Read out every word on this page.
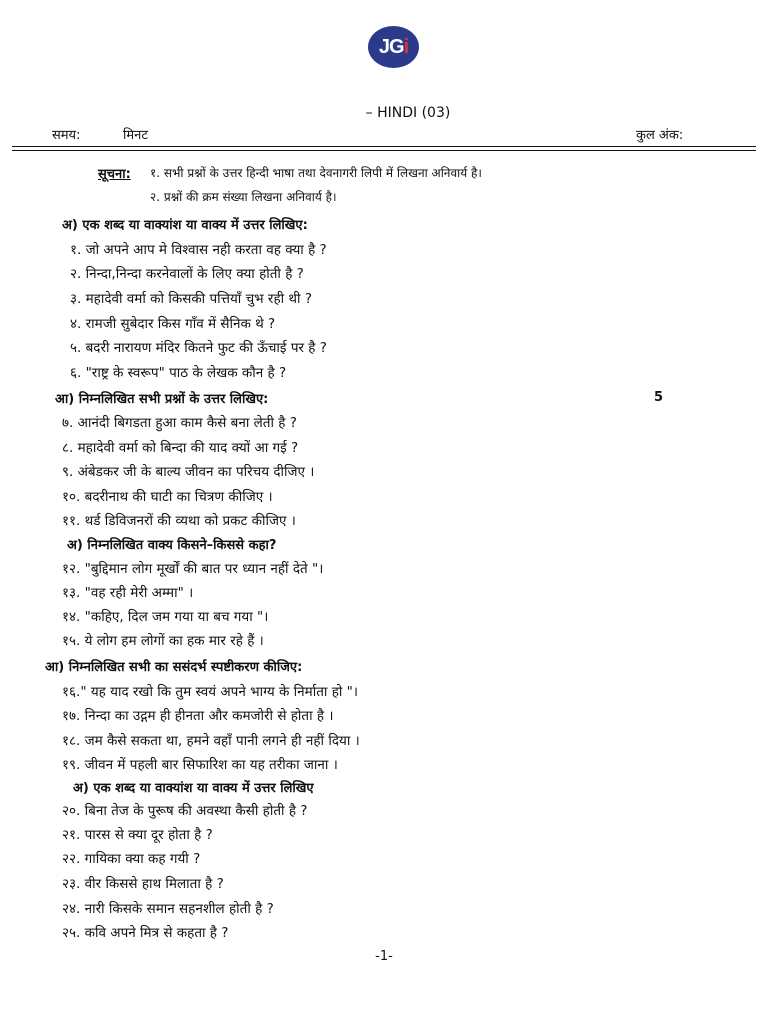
JG i
– HINDI (03)
समय:	मिनट	कुल अंक:
सूचना: १. सभी प्रश्नों के उत्तर हिन्दी भाषा तथा देवनागरी लिपी में लिखना अनिवार्य है।
२. प्रश्नों की क्रम संख्या लिखना अनिवार्य है।
अ) एक शब्द या वाक्यांश या वाक्य में उत्तर लिखिए:
१. जो अपने आप मे विश्वास नही करता वह क्या है ?
२. निन्दा,निन्दा करनेवालों के लिए क्या होती है ?
३. महादेवी वर्मा को किसकी पत्तियाँ चुभ रही थी ?
४. रामजी सुबेदार किस गाँव में सैनिक थे ?
५. बदरी नारायण मंदिर कितने फुट की ऊँचाई पर है ?
६. "राष्ट्र के स्वरूप" पाठ के लेखक कौन है ?
आ) निम्नलिखित सभी प्रश्नों के उत्तर लिखिए:	5
७. आनंदी बिगडता हुआ काम कैसे बना लेती है ?
८. महादेवी वर्मा को बिन्दा की याद क्यों आ गई ?
९. अंबेडकर जी के बाल्य जीवन का परिचय दीजिए ।
१०. बदरीनाथ की घाटी का चित्रण कीजिए ।
११. थर्ड डिविजनरों की व्यथा को प्रकट कीजिए ।
अ) निम्नलिखित वाक्य किसने–किससे कहा?
१२. "बुद्दिमान लोग मूर्खों की बात पर ध्यान नहीं देते "।
१३. "वह रही मेरी अम्मा" ।
१४. "कहिए, दिल जम गया या बच गया "।
१५. ये लोग हम लोगों का हक मार रहे हैं ।
आ) निम्नलिखित सभी का ससंदर्भ स्पष्टीकरण कीजिए:
१६." यह याद रखो कि तुम स्वयं अपने भाग्य के निर्माता हो "।
१७. निन्दा का उद्गम ही हीनता और कमजोरी से होता है ।
१८. जम कैसे सकता था, हमने वहाँ पानी लगने ही नहीं दिया ।
१९. जीवन में पहली बार सिफारिश का यह तरीका जाना ।
अ) एक शब्द या वाक्यांश या वाक्य में उत्तर लिखिए
२०. बिना तेज के पुरूष की अवस्था कैसी होती है ?
२१. पारस से क्या दूर होता है ?
२२. गायिका क्या कह गयी ?
२३. वीर किससे हाथ मिलाता है ?
२४. नारी किसके समान सहनशील होती है ?
२५. कवि अपने मित्र से कहता है ?
-1-
